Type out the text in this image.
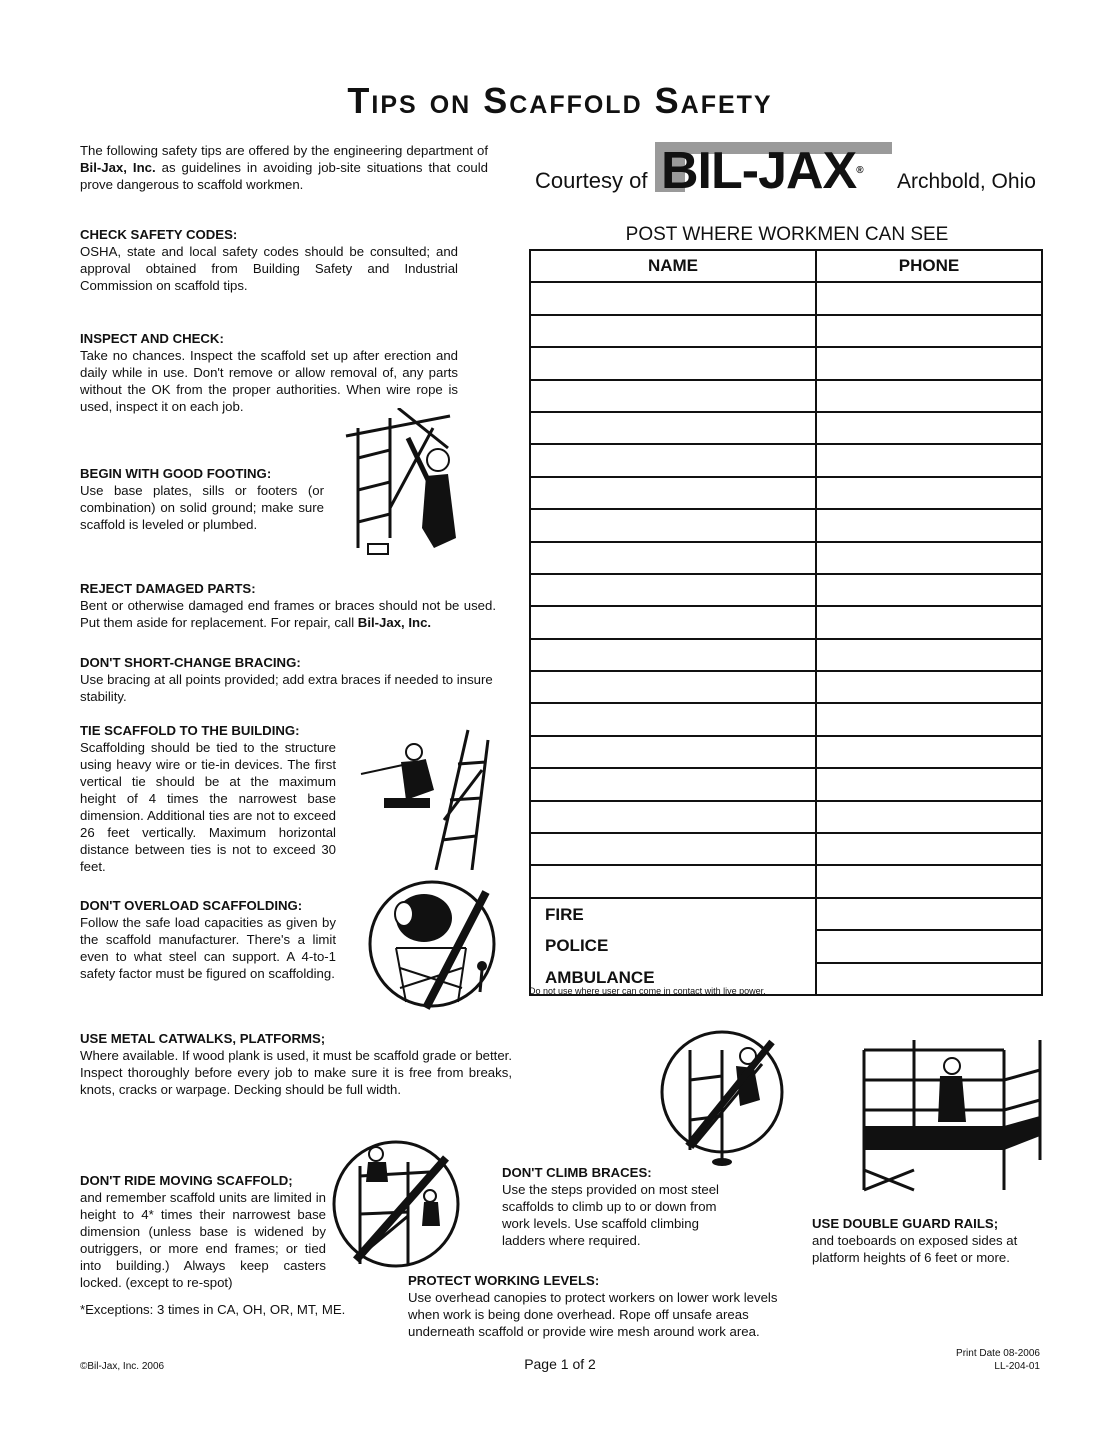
Tips on Scaffold Safety
The following safety tips are offered by the engineering department of Bil-Jax, Inc. as guidelines in avoiding job-site situations that could prove dangerous to scaffold workmen.	Courtesy of BIL-JAX® Archbold, Ohio
CHECK SAFETY CODES:
OSHA, state and local safety codes should be consulted; and approval obtained from Building Safety and Industrial Commission on scaffold tips.
INSPECT AND CHECK:
Take no chances. Inspect the scaffold set up after erection and daily while in use. Don't remove or allow removal of, any parts without the OK from the proper authorities. When wire rope is used, inspect it on each job.
BEGIN WITH GOOD FOOTING:
Use base plates, sills or footers (or combination) on solid ground; make sure scaffold is leveled or plumbed.
REJECT DAMAGED PARTS:
Bent or otherwise damaged end frames or braces should not be used. Put them aside for replacement. For repair, call Bil-Jax, Inc.
DON'T SHORT-CHANGE BRACING:
Use bracing at all points provided; add extra braces if needed to insure stability.
TIE SCAFFOLD TO THE BUILDING:
Scaffolding should be tied to the structure using heavy wire or tie-in devices. The first vertical tie should be at the maximum height of 4 times the narrowest base dimension. Additional ties are not to exceed 26 feet vertically. Maximum horizontal distance between ties is not to exceed 30 feet.
DON'T OVERLOAD SCAFFOLDING:
Follow the safe load capacities as given by the scaffold manufacturer. There's a limit even to what steel can support. A 4-to-1 safety factor must be figured on scaffolding.
USE METAL CATWALKS, PLATFORMS;
Where available. If wood plank is used, it must be scaffold grade or better. Inspect thoroughly before every job to make sure it is free from breaks, knots, cracks or warpage. Decking should be full width.
DON'T RIDE MOVING SCAFFOLD;
and remember scaffold units are limited in height to 4* times their narrowest base dimension (unless base is widened by outriggers, or more end frames; or tied into building.) Always keep casters locked. (except to re-spot)
*Exceptions: 3 times in CA, OH, OR, MT, ME.
DON'T CLIMB BRACES:
Use the steps provided on most steel scaffolds to climb up to or down from work levels. Use scaffold climbing ladders where required.
PROTECT WORKING LEVELS:
Use overhead canopies to protect workers on lower work levels when work is being done overhead. Rope off unsafe areas underneath scaffold or provide wire mesh around work area.
USE DOUBLE GUARD RAILS;
and toeboards on exposed sides at platform heights of 6 feet or more.
POST WHERE WORKMEN CAN SEE
NAME	PHONE

FIRE	
POLICE	
AMBULANCE	
Do not use where user can come in contact with live power.
©Bil-Jax, Inc. 2006	Page 1 of 2
Print Date 08-2006
LL-204-01
